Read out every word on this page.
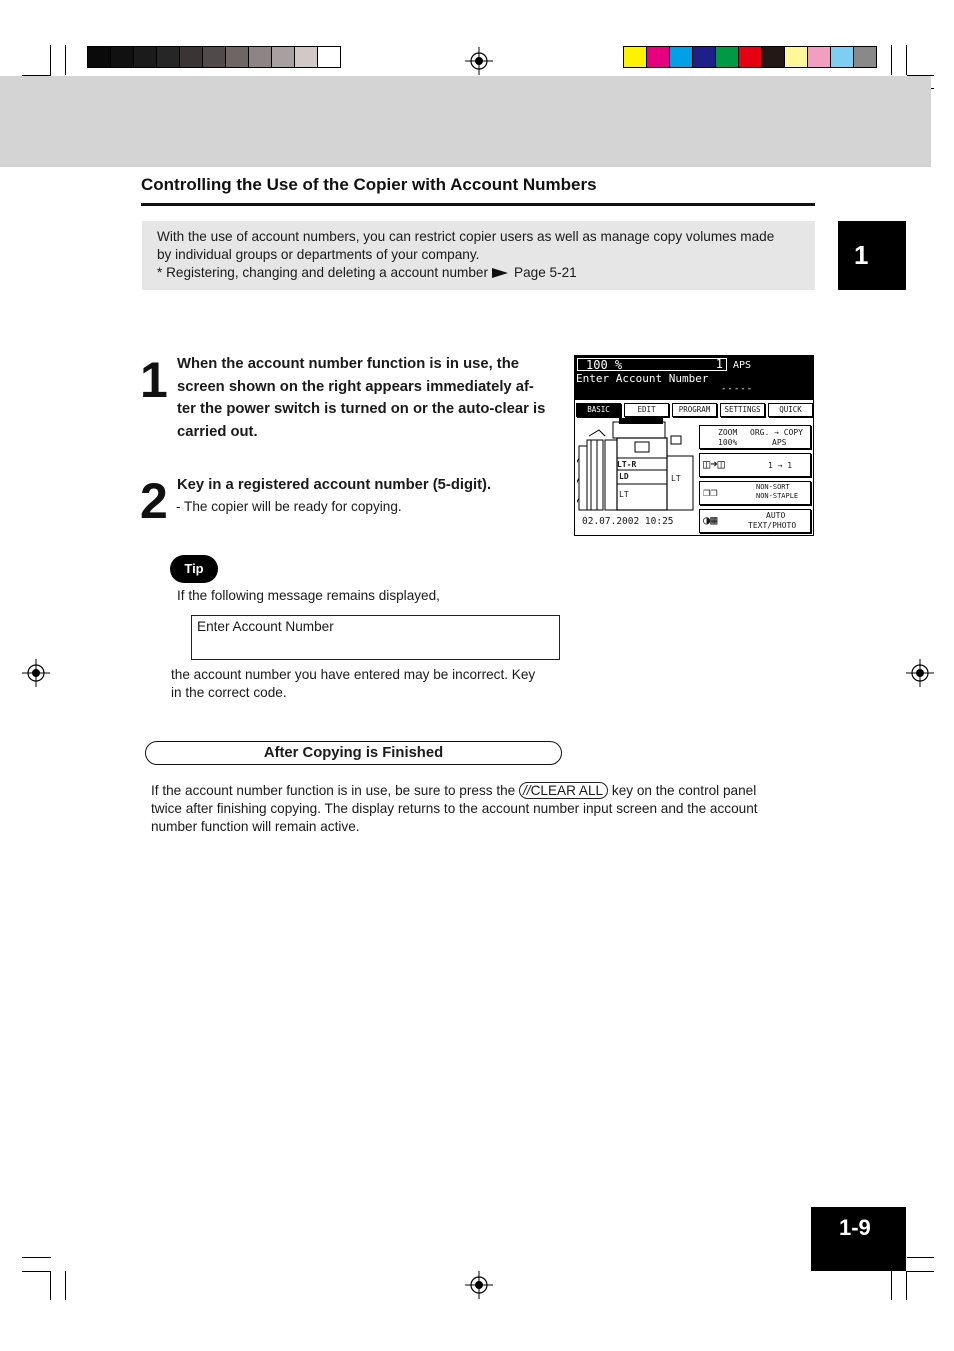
Controlling the Use of the Copier with Account Numbers

With the use of account numbers, you can restrict copier users as well as manage copy volumes made

by individual groups or departments of your company.

* Registering, changing and deleting a account number Page 5-21

1
1 When the account number function is in use, the
screen shown on the right appears immediately af-
ter the power switch is turned on or the auto-clear is
carried out.
2 Key in a registered account number (5-digit).
- The copier will be ready for copying.
100 %	1 APS
Enter Account Number
-----
BASIC	EDIT	PROGRAM	SETTINGS	QUICK
LT-R
LD
LT
LT
ZOOM
100%
ORG. → COPY
APS
◫➜◫	1 → 1
❐❐	NON-SORT
NON-STAPLE
◑▦	AUTO
TEXT/PHOTO
02.07.2002 10:25
Tip
If the following message remains displayed,
Enter Account Number
the account number you have entered may be incorrect. Key
in the correct code.
After Copying is Finished
If the account number function is in use, be sure to press the //CLEAR ALL key on the control panel
twice after finishing copying. The display returns to the account number input screen and the account
number function will remain active.
1-9
